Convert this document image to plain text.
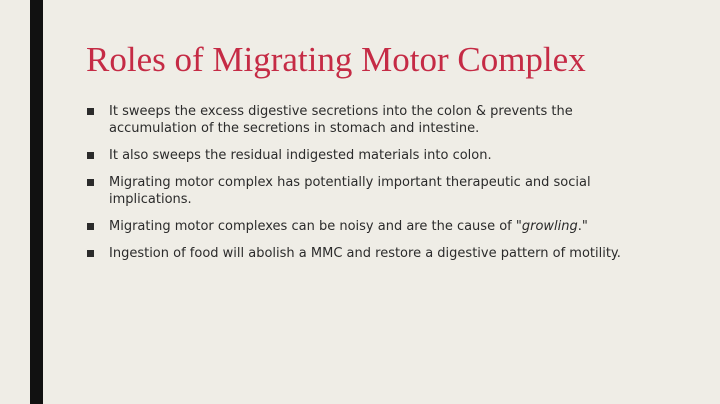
Roles of Migrating Motor Complex
It sweeps the excess digestive secretions into the colon & prevents the accumulation of the secretions in stomach and intestine.
It also sweeps the residual indigested materials into colon.
Migrating motor complex has potentially important therapeutic and social implications.
Migrating motor complexes can be noisy and are the cause of "growling."
Ingestion of food will abolish a MMC and restore a digestive pattern of motility.
